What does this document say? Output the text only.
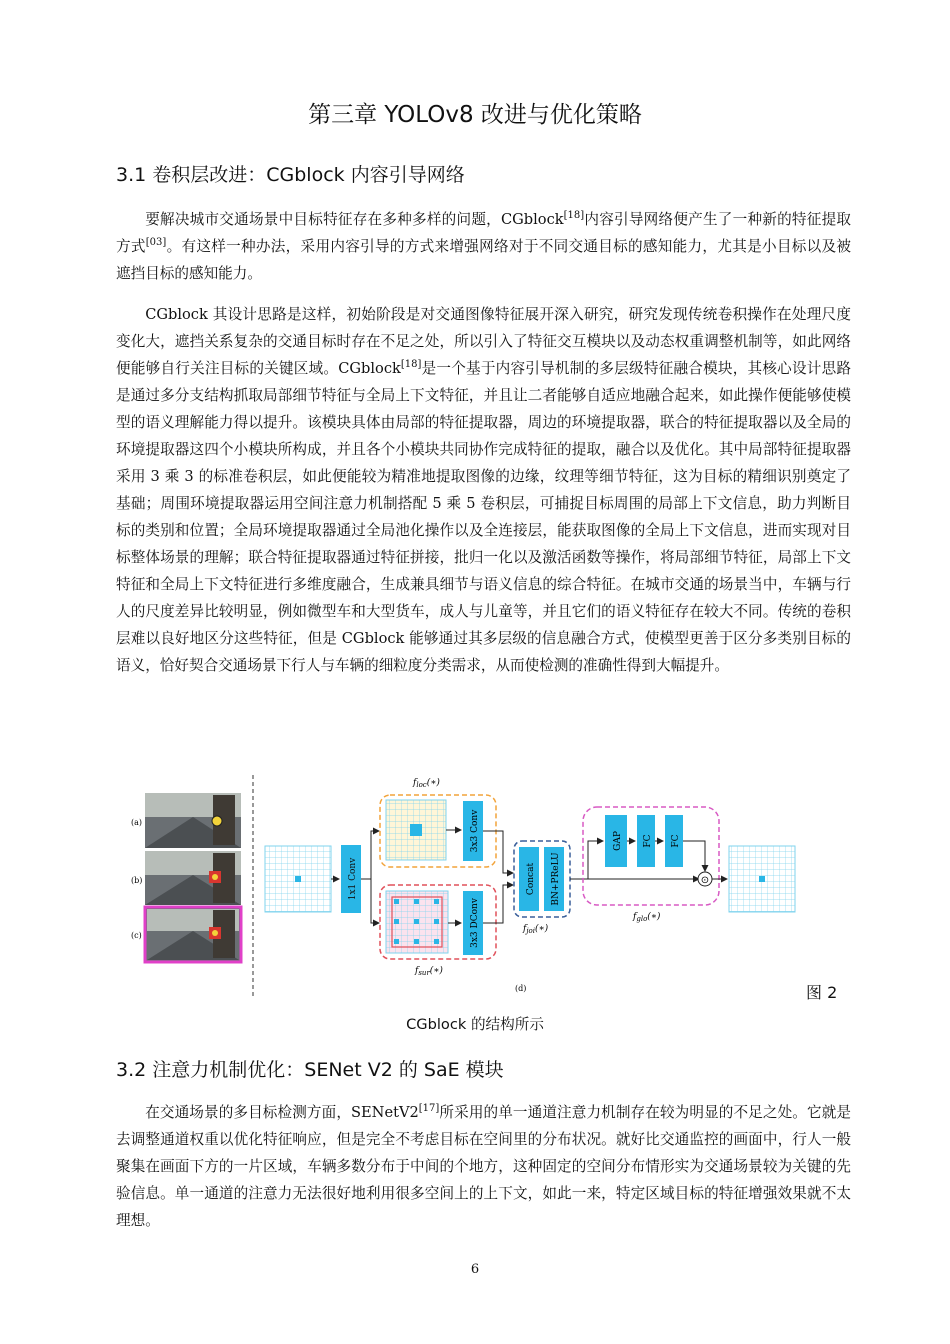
第三章 YOLOv8 改进与优化策略
3.1 卷积层改进：CGblock 内容引导网络

要解决城市交通场景中目标特征存在多种多样的问题，CGblock[18]内容引导网络便产生了一种新的特征提取方式[03]。有这样一种办法，采用内容引导的方式来增强网络对于不同交通目标的感知能力，尤其是小目标以及被遮挡目标的感知能力。

CGblock 其设计思路是这样，初始阶段是对交通图像特征展开深入研究，研究发现传统卷积操作在处理尺度变化大，遮挡关系复杂的交通目标时存在不足之处，所以引入了特征交互模块以及动态权重调整机制等，如此网络便能够自行关注目标的关键区域。CGblock[18]是一个基于内容引导机制的多层级特征融合模块，其核心设计思路是通过多分支结构抓取局部细节特征与全局上下文特征，并且让二者能够自适应地融合起来，如此操作便能够使模型的语义理解能力得以提升。该模块具体由局部的特征提取器，周边的环境提取器，联合的特征提取器以及全局的环境提取器这四个小模块所构成，并且各个小模块共同协作完成特征的提取，融合以及优化。其中局部特征提取器采用 3 乘 3 的标准卷积层，如此便能较为精准地提取图像的边缘，纹理等细节特征，这为目标的精细识别奠定了基础；周围环境提取器运用空间注意力机制搭配 5 乘 5 卷积层，可捕捉目标周围的局部上下文信息，助力判断目标的类别和位置；全局环境提取器通过全局池化操作以及全连接层，能获取图像的全局上下文信息，进而实现对目标整体场景的理解；联合特征提取器通过特征拼接，批归一化以及激活函数等操作，将局部细节特征，局部上下文特征和全局上下文特征进行多维度融合，生成兼具细节与语义信息的综合特征。在城市交通的场景当中，车辆与行人的尺度差异比较明显，例如微型车和大型货车，成人与儿童等，并且它们的语义特征存在较大不同。传统的卷积层难以良好地区分这些特征，但是 CGblock 能够通过其多层级的信息融合方式，使模型更善于区分多类别目标的语义，恰好契合交通场景下行人与车辆的细粒度分类需求，从而使检测的准确性得到大幅提升。

(a)
(b)
(c)
1x1 Conv
$f_{loc}(∗)$
3x3 Conv
3x3 DConv
$f_{sur}(∗)$
Concat BN+PReLU
$f_{joi}(∗)$
GAP FC FC
⊙
$f_{glo}(∗)$
(d)	图 2
CGblock 的结构所示
3.2 注意力机制优化：SENet V2 的 SaE 模块

在交通场景的多目标检测方面，SENetV2[17]所采用的单一通道注意力机制存在较为明显的不足之处。它就是去调整通道权重以优化特征响应，但是完全不考虑目标在空间里的分布状况。就好比交通监控的画面中，行人一般聚集在画面下方的一片区域，车辆多数分布于中间的个地方，这种固定的空间分布情形实为交通场景较为关键的先验信息。单一通道的注意力无法很好地利用很多空间上的上下文，如此一来，特定区域目标的特征增强效果就不太理想。

6
